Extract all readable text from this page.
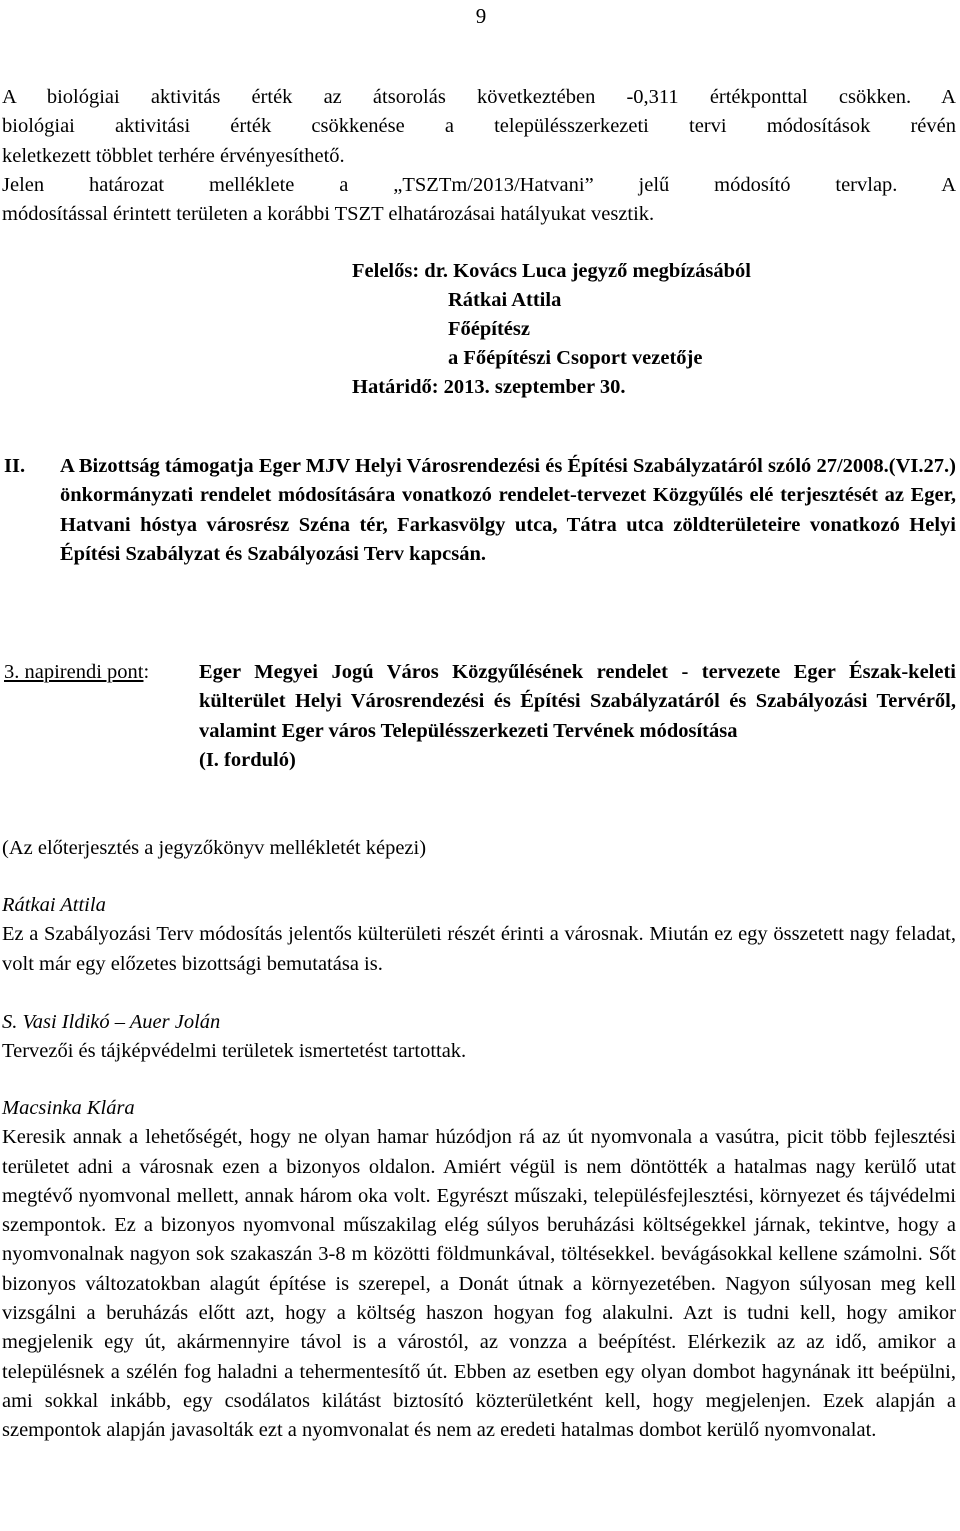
9
A biológiai aktivitás érték az átsorolás következtében -0,311 értékponttal csökken. A
biológiai aktivitási érték csökkenése a településszerkezeti tervi módosítások révén
keletkezett többlet terhére érvényesíthető.
Jelen határozat melléklete a „TSZTm/2013/Hatvani” jelű módosító tervlap. A
módosítással érintett területen a korábbi TSZT elhatározásai hatályukat vesztik.
Felelős: dr. Kovács Luca jegyző megbízásából
Rátkai Attila
Főépítész
a Főépítészi Csoport vezetője
Határidő: 2013. szeptember 30.
II. A Bizottság támogatja Eger MJV Helyi Városrendezési és Építési Szabályzatáról szóló 27/2008.(VI.27.) önkormányzati rendelet módosítására vonatkozó rendelet-tervezet Közgyűlés elé terjesztését az Eger, Hatvani hóstya városrész Széna tér, Farkasvölgy utca, Tátra utca zöldterületeire vonatkozó Helyi Építési Szabályzat és Szabályozási Terv kapcsán.

3. napirendi pont: Eger Megyei Jogú Város Közgyűlésének rendelet - tervezete Eger Észak-keleti külterület Helyi Városrendezési és Építési Szabályzatáról és Szabályozási Tervéről, valamint Eger város Településszerkezeti Tervének módosítása

(I. forduló)

(Az előterjesztés a jegyzőkönyv mellékletét képezi)

Rátkai Attila

Ez a Szabályozási Terv módosítás jelentős külterületi részét érinti a városnak. Miután ez egy összetett nagy feladat, volt már egy előzetes bizottsági bemutatása is.

S. Vasi Ildikó – Auer Jolán

Tervezői és tájképvédelmi területek ismertetést tartottak.

Macsinka Klára

Keresik annak a lehetőségét, hogy ne olyan hamar húzódjon rá az út nyomvonala a vasútra, picit több fejlesztési területet adni a városnak ezen a bizonyos oldalon. Amiért végül is nem döntötték a hatalmas nagy kerülő utat megtévő nyomvonal mellett, annak három oka volt. Egyrészt műszaki, településfejlesztési, környezet és tájvédelmi szempontok. Ez a bizonyos nyomvonal műszakilag elég súlyos beruházási költségekkel járnak, tekintve, hogy a nyomvonalnak nagyon sok szakaszán 3-8 m közötti földmunkával, töltésekkel. bevágásokkal kellene számolni. Sőt bizonyos változatokban alagút építése is szerepel, a Donát útnak a környezetében. Nagyon súlyosan meg kell vizsgálni a beruházás előtt azt, hogy a költség haszon hogyan fog alakulni. Azt is tudni kell, hogy amikor megjelenik egy út, akármennyire távol is a várostól, az vonzza a beépítést. Elérkezik az az idő, amikor a településnek a szélén fog haladni a tehermentesítő út. Ebben az esetben egy olyan dombot hagynának itt beépülni, ami sokkal inkább, egy csodálatos kilátást biztosító közterületként kell, hogy megjelenjen. Ezek alapján a szempontok alapján javasolták ezt a nyomvonalat és nem az eredeti hatalmas dombot kerülő nyomvonalat.
